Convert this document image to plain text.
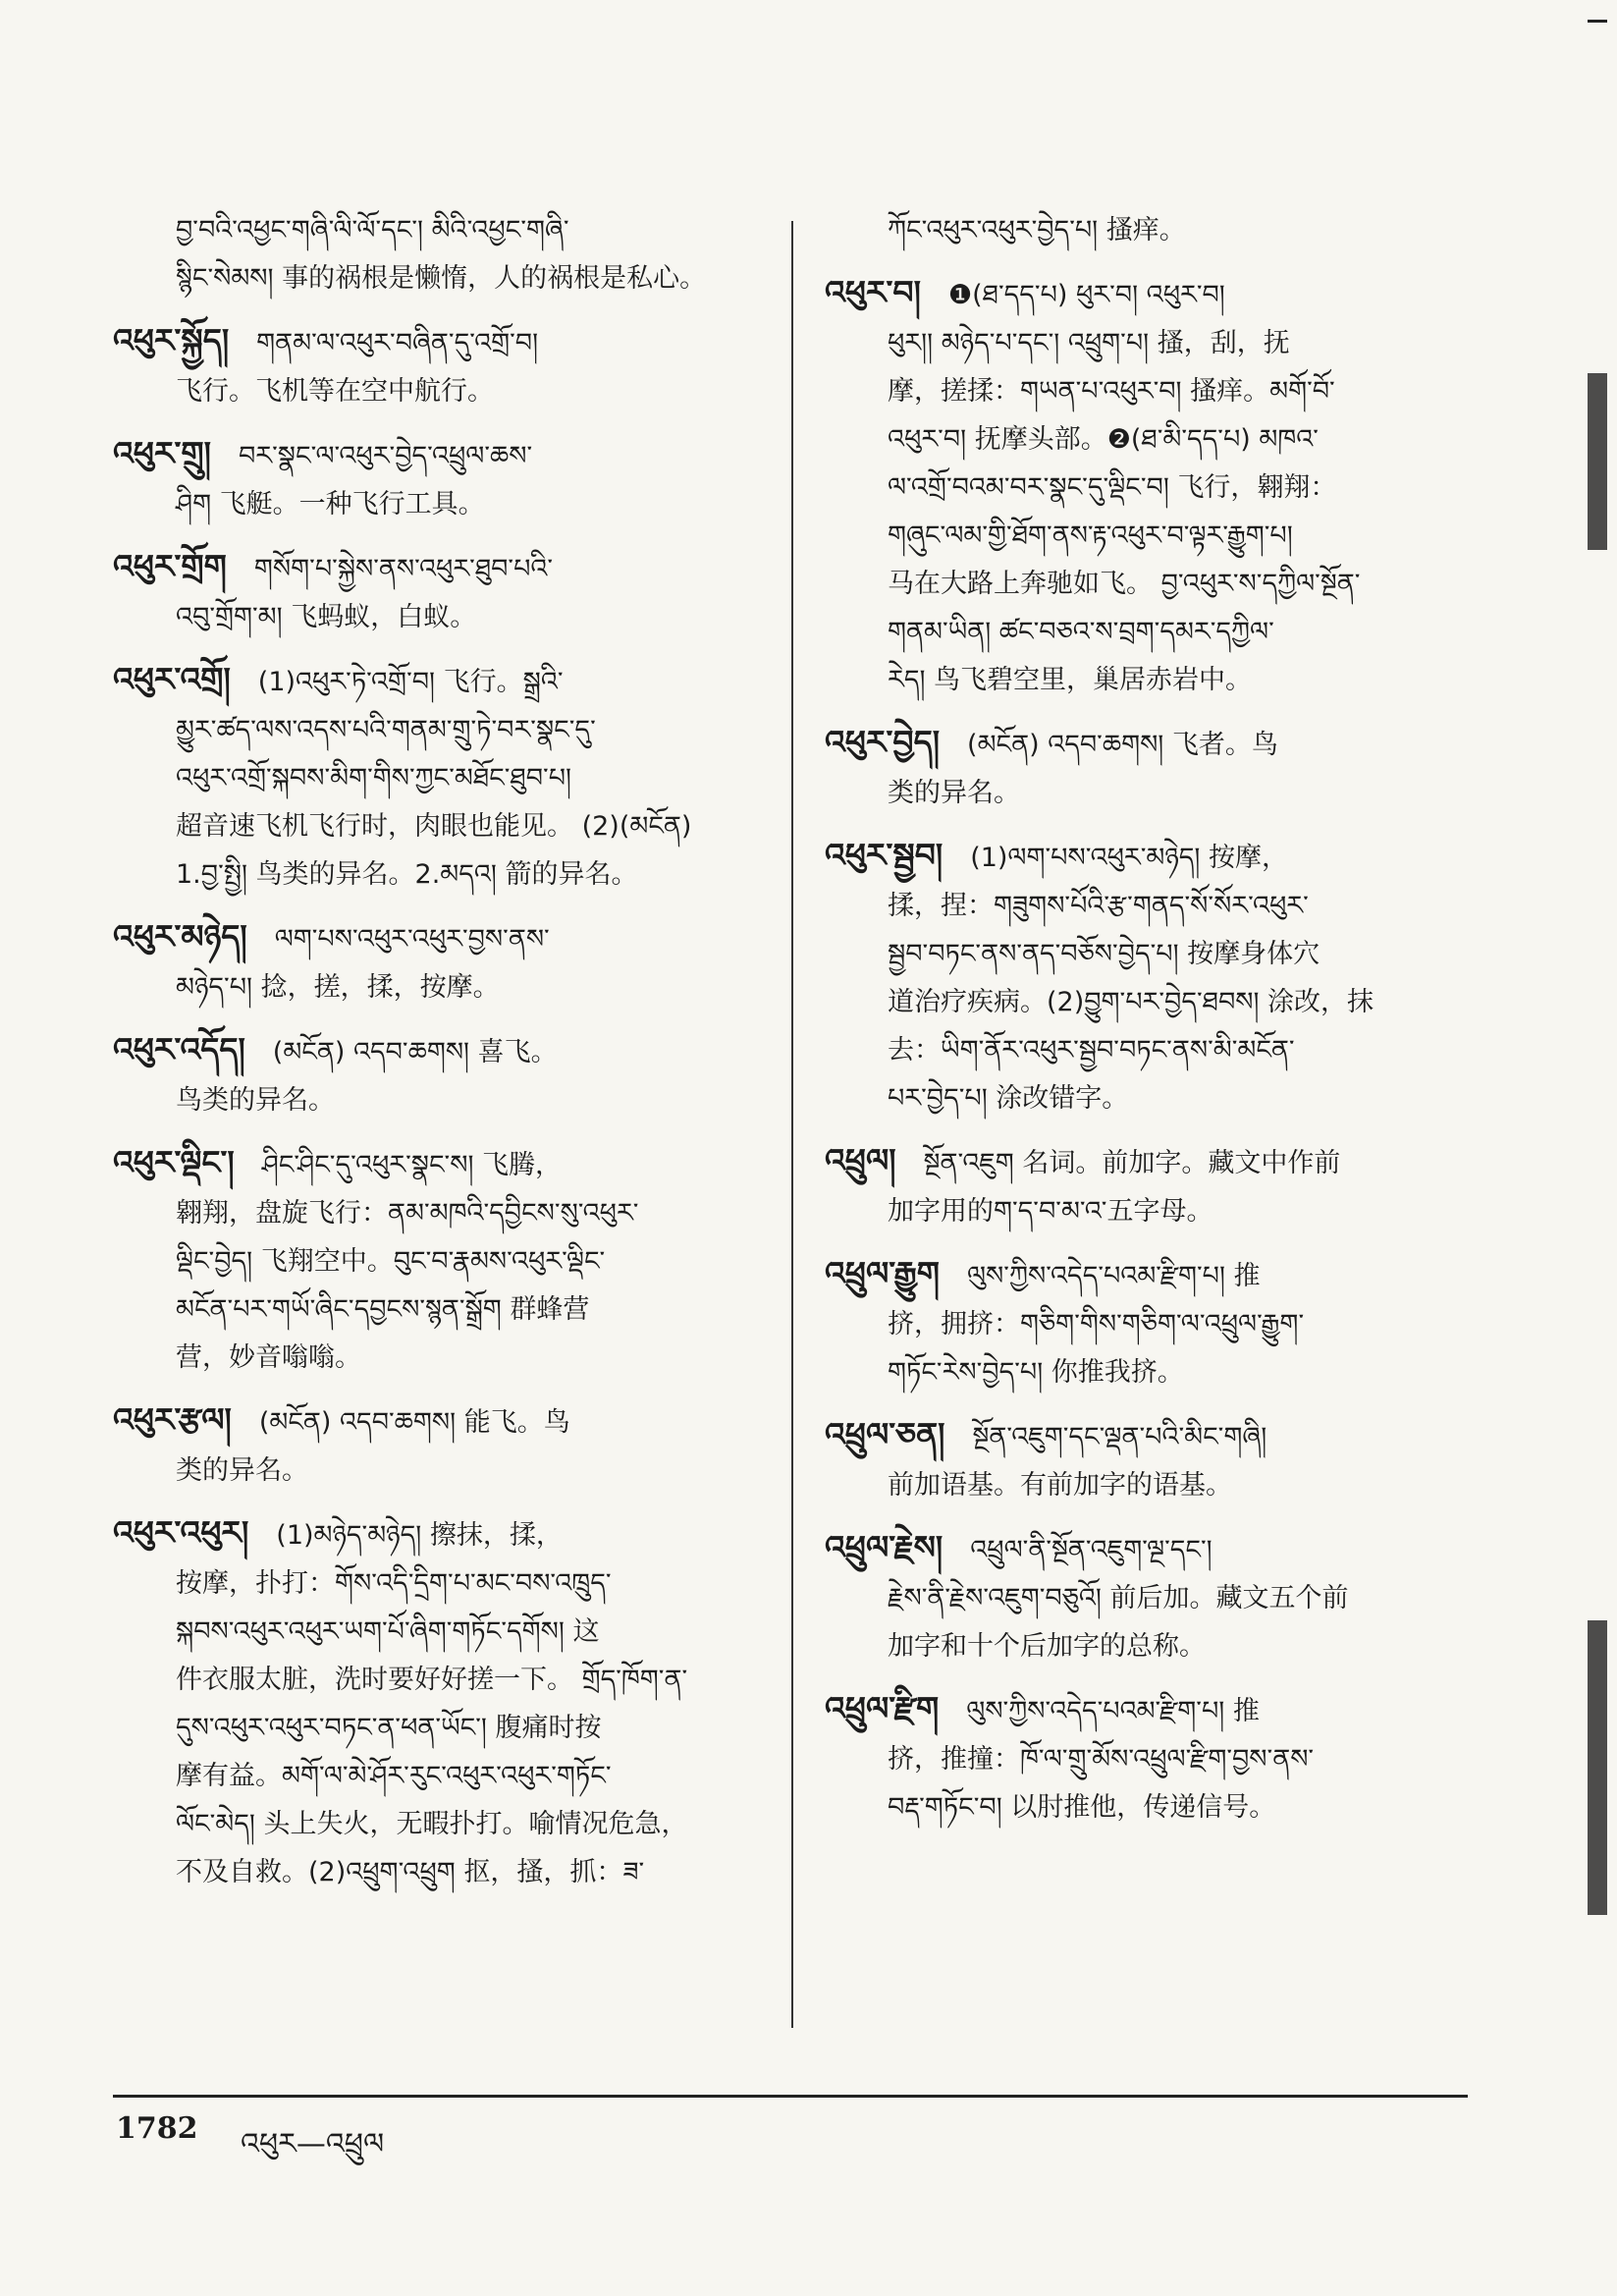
བྱ་བའི་འཕྱང་གཞི་ལི་ལོ་དང་། མིའི་འཕྱང་གཞི་

སྙིང་སེམས། 事的祸根是懒惰，人的祸根是私心。

འཕུར་སྐྱོད། གནམ་ལ་འཕུར་བཞིན་དུ་འགྲོ་བ།

飞行。飞机等在空中航行。

འཕུར་གྲུ། བར་སྣང་ལ་འཕུར་བྱེད་འཕྲུལ་ཆས་

ཤིག 飞艇。一种飞行工具。

འཕུར་གྲོག གསོག་པ་སྐྱེས་ནས་འཕུར་ཐུབ་པའི་

འབུ་གྲོག་མ། 飞蚂蚁，白蚁。

འཕུར་འགྲོ། (1)འཕུར་ཏེ་འགྲོ་བ། 飞行。སྒྲའི་

མྱུར་ཚད་ལས་འདས་པའི་གནམ་གྲུ་ཏེ་བར་སྣང་དུ་

འཕུར་འགྲོ་སྐབས་མིག་གིས་ཀྱང་མཐོང་ཐུབ་པ།

超音速飞机飞行时，肉眼也能见。 (2)(མངོན)

1.བྱ་སྤྱི། 鸟类的异名。2.མདའ། 箭的异名。

འཕུར་མཉེད། ལག་པས་འཕུར་འཕུར་བྱས་ནས་

མཉེད་པ། 捻，搓，揉，按摩。

འཕུར་འདོད། (མངོན) འདབ་ཆགས། 喜飞。

鸟类的异名。

འཕུར་ལྡིང་། ཤིང་ཤིང་དུ་འཕུར་སྣང་ས། 飞腾，

翱翔，盘旋飞行：ནམ་མཁའི་དབྱིངས་སུ་འཕུར་

ལྡིང་བྱེད། 飞翔空中。བུང་བ་རྣམས་འཕུར་ལྡིང་

མངོན་པར་གཡོ་ཞིང་དབྱངས་སྙན་སྒྲོག 群蜂营

营，妙音嗡嗡。

འཕུར་རྩལ། (མངོན) འདབ་ཆགས། 能飞。鸟

类的异名。

འཕུར་འཕུར། (1)མཉེད་མཉེད། 擦抹，揉，

按摩，扑打：གོས་འདི་དྲིག་པ་མང་བས་འཁྲུད་

སྐབས་འཕུར་འཕུར་ཡག་པོ་ཞིག་གཏོང་དགོས། 这

件衣服太脏，洗时要好好搓一下。 གྲོད་ཁོག་ན་

དུས་འཕུར་འཕུར་བཏང་ན་ཕན་ཡོང་། 腹痛时按

摩有益。མགོ་ལ་མེ་ཤོར་རུང་འཕུར་འཕུར་གཏོང་

ལོང་མེད། 头上失火，无暇扑打。喻情况危急，

不及自救。(2)འཕྲུག་འཕྲུག 抠，搔，抓：ཟ་

ཀོང་འཕུར་འཕུར་བྱེད་པ། 搔痒。

འཕུར་བ། ❶(ཐ་དད་པ) ཕུར་བ། འཕུར་བ།

ཕུར།། མཉེད་པ་དང་། འཕྲུག་པ། 搔，刮，抚

摩，搓揉：གཡན་པ་འཕུར་བ། 搔痒。མགོ་བོ་

འཕུར་བ། 抚摩头部。❷(ཐ་མི་དད་པ) མཁའ་

ལ་འགྲོ་བའམ་བར་སྣང་དུ་ལྡིང་བ། 飞行，翱翔：

གཞུང་ལམ་གྱི་ཐོག་ནས་རྟ་འཕུར་བ་ལྟར་རྒྱུག་པ།

马在大路上奔驰如飞。 བྱ་འཕུར་ས་དཀྱིལ་སྔོན་

གནམ་ཡིན། ཚང་བཅའ་ས་བྲག་དམར་དཀྱིལ་

རེད། 鸟飞碧空里，巢居赤岩中。

འཕུར་བྱེད། (མངོན) འདབ་ཆགས། 飞者。鸟

类的异名。

འཕུར་སྦྱབ། (1)ལག་པས་འཕུར་མཉེད། 按摩，

揉，捏：གཟུགས་པོའི་རྩ་གནད་སོ་སོར་འཕུར་

སྦྱབ་བཏང་ནས་ནད་བཅོས་བྱེད་པ། 按摩身体穴

道治疗疾病。(2)བྱུག་པར་བྱེད་ཐབས། 涂改，抹

去：ཡིག་ནོར་འཕུར་སྦྱབ་བཏང་ནས་མི་མངོན་

པར་བྱེད་པ། 涂改错字。

འཕྲུལ། སྔོན་འཇུག 名词。前加字。藏文中作前

加字用的ག་ད་བ་མ་འ་五字母。

འཕྲུལ་རྒྱུག ལུས་ཀྱིས་འདེད་པའམ་རྫིག་པ། 推

挤，拥挤：གཅིག་གིས་གཅིག་ལ་འཕྲུལ་རྒྱུག་

གཏོང་རེས་བྱེད་པ། 你推我挤。

འཕྲུལ་ཅན། སྔོན་འཇུག་དང་ལྡན་པའི་མིང་གཞི།

前加语基。有前加字的语基。

འཕྲུལ་རྗེས། འཕྲུལ་ནི་སྔོན་འཇུག་ལྔ་དང་།

རྗེས་ནི་རྗེས་འཇུག་བཅུའོ། 前后加。藏文五个前

加字和十个后加字的总称。

འཕྲུལ་རྫིག ལུས་ཀྱིས་འདེད་པའམ་རྫིག་པ། 推

挤，推撞：ཁོ་ལ་གྲུ་མོས་འཕྲུལ་རྫིག་བྱས་ནས་

བརྡ་གཏོང་བ། 以肘推他，传递信号。

1782 འཕུར—འཕྲུལ
